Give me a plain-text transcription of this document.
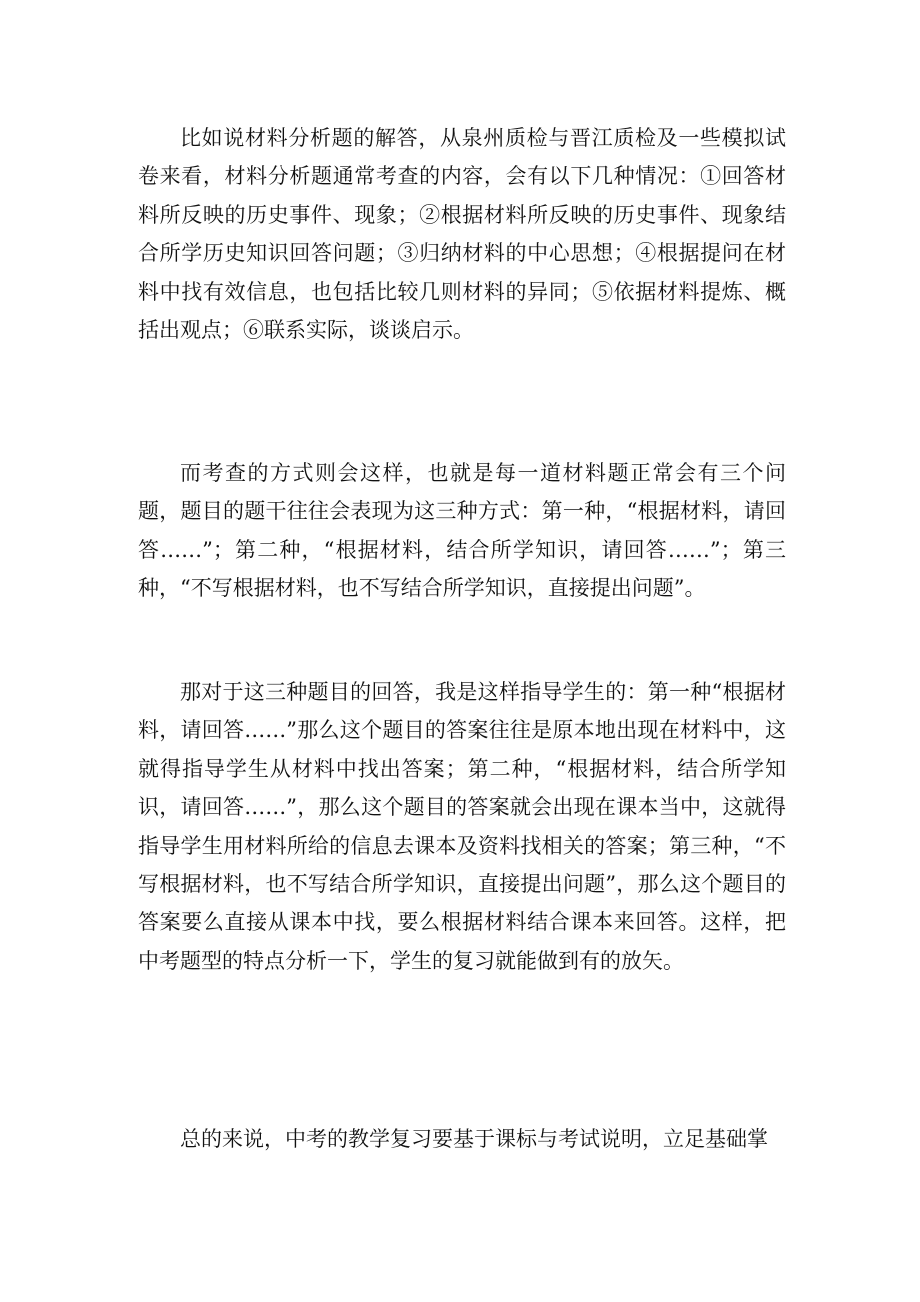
比如说材料分析题的解答，从泉州质检与晋江质检及一些模拟试卷来看，材料分析题通常考查的内容，会有以下几种情况：①回答材料所反映的历史事件、现象；②根据材料所反映的历史事件、现象结合所学历史知识回答问题；③归纳材料的中心思想；④根据提问在材料中找有效信息，也包括比较几则材料的异同；⑤依据材料提炼、概括出观点；⑥联系实际，谈谈启示。

而考查的方式则会这样，也就是每一道材料题正常会有三个问题，题目的题干往往会表现为这三种方式：第一种，“根据材料，请回答……”；第二种，“根据材料，结合所学知识，请回答……”；第三种，“不写根据材料，也不写结合所学知识，直接提出问题”。

那对于这三种题目的回答，我是这样指导学生的：第一种“根据材料，请回答……”那么这个题目的答案往往是原本地出现在材料中，这就得指导学生从材料中找出答案；第二种，“根据材料，结合所学知识，请回答……”，那么这个题目的答案就会出现在课本当中，这就得指导学生用材料所给的信息去课本及资料找相关的答案；第三种，“不写根据材料，也不写结合所学知识，直接提出问题”，那么这个题目的答案要么直接从课本中找，要么根据材料结合课本来回答。这样，把中考题型的特点分析一下，学生的复习就能做到有的放矢。

总的来说，中考的教学复习要基于课标与考试说明，立足基础掌
